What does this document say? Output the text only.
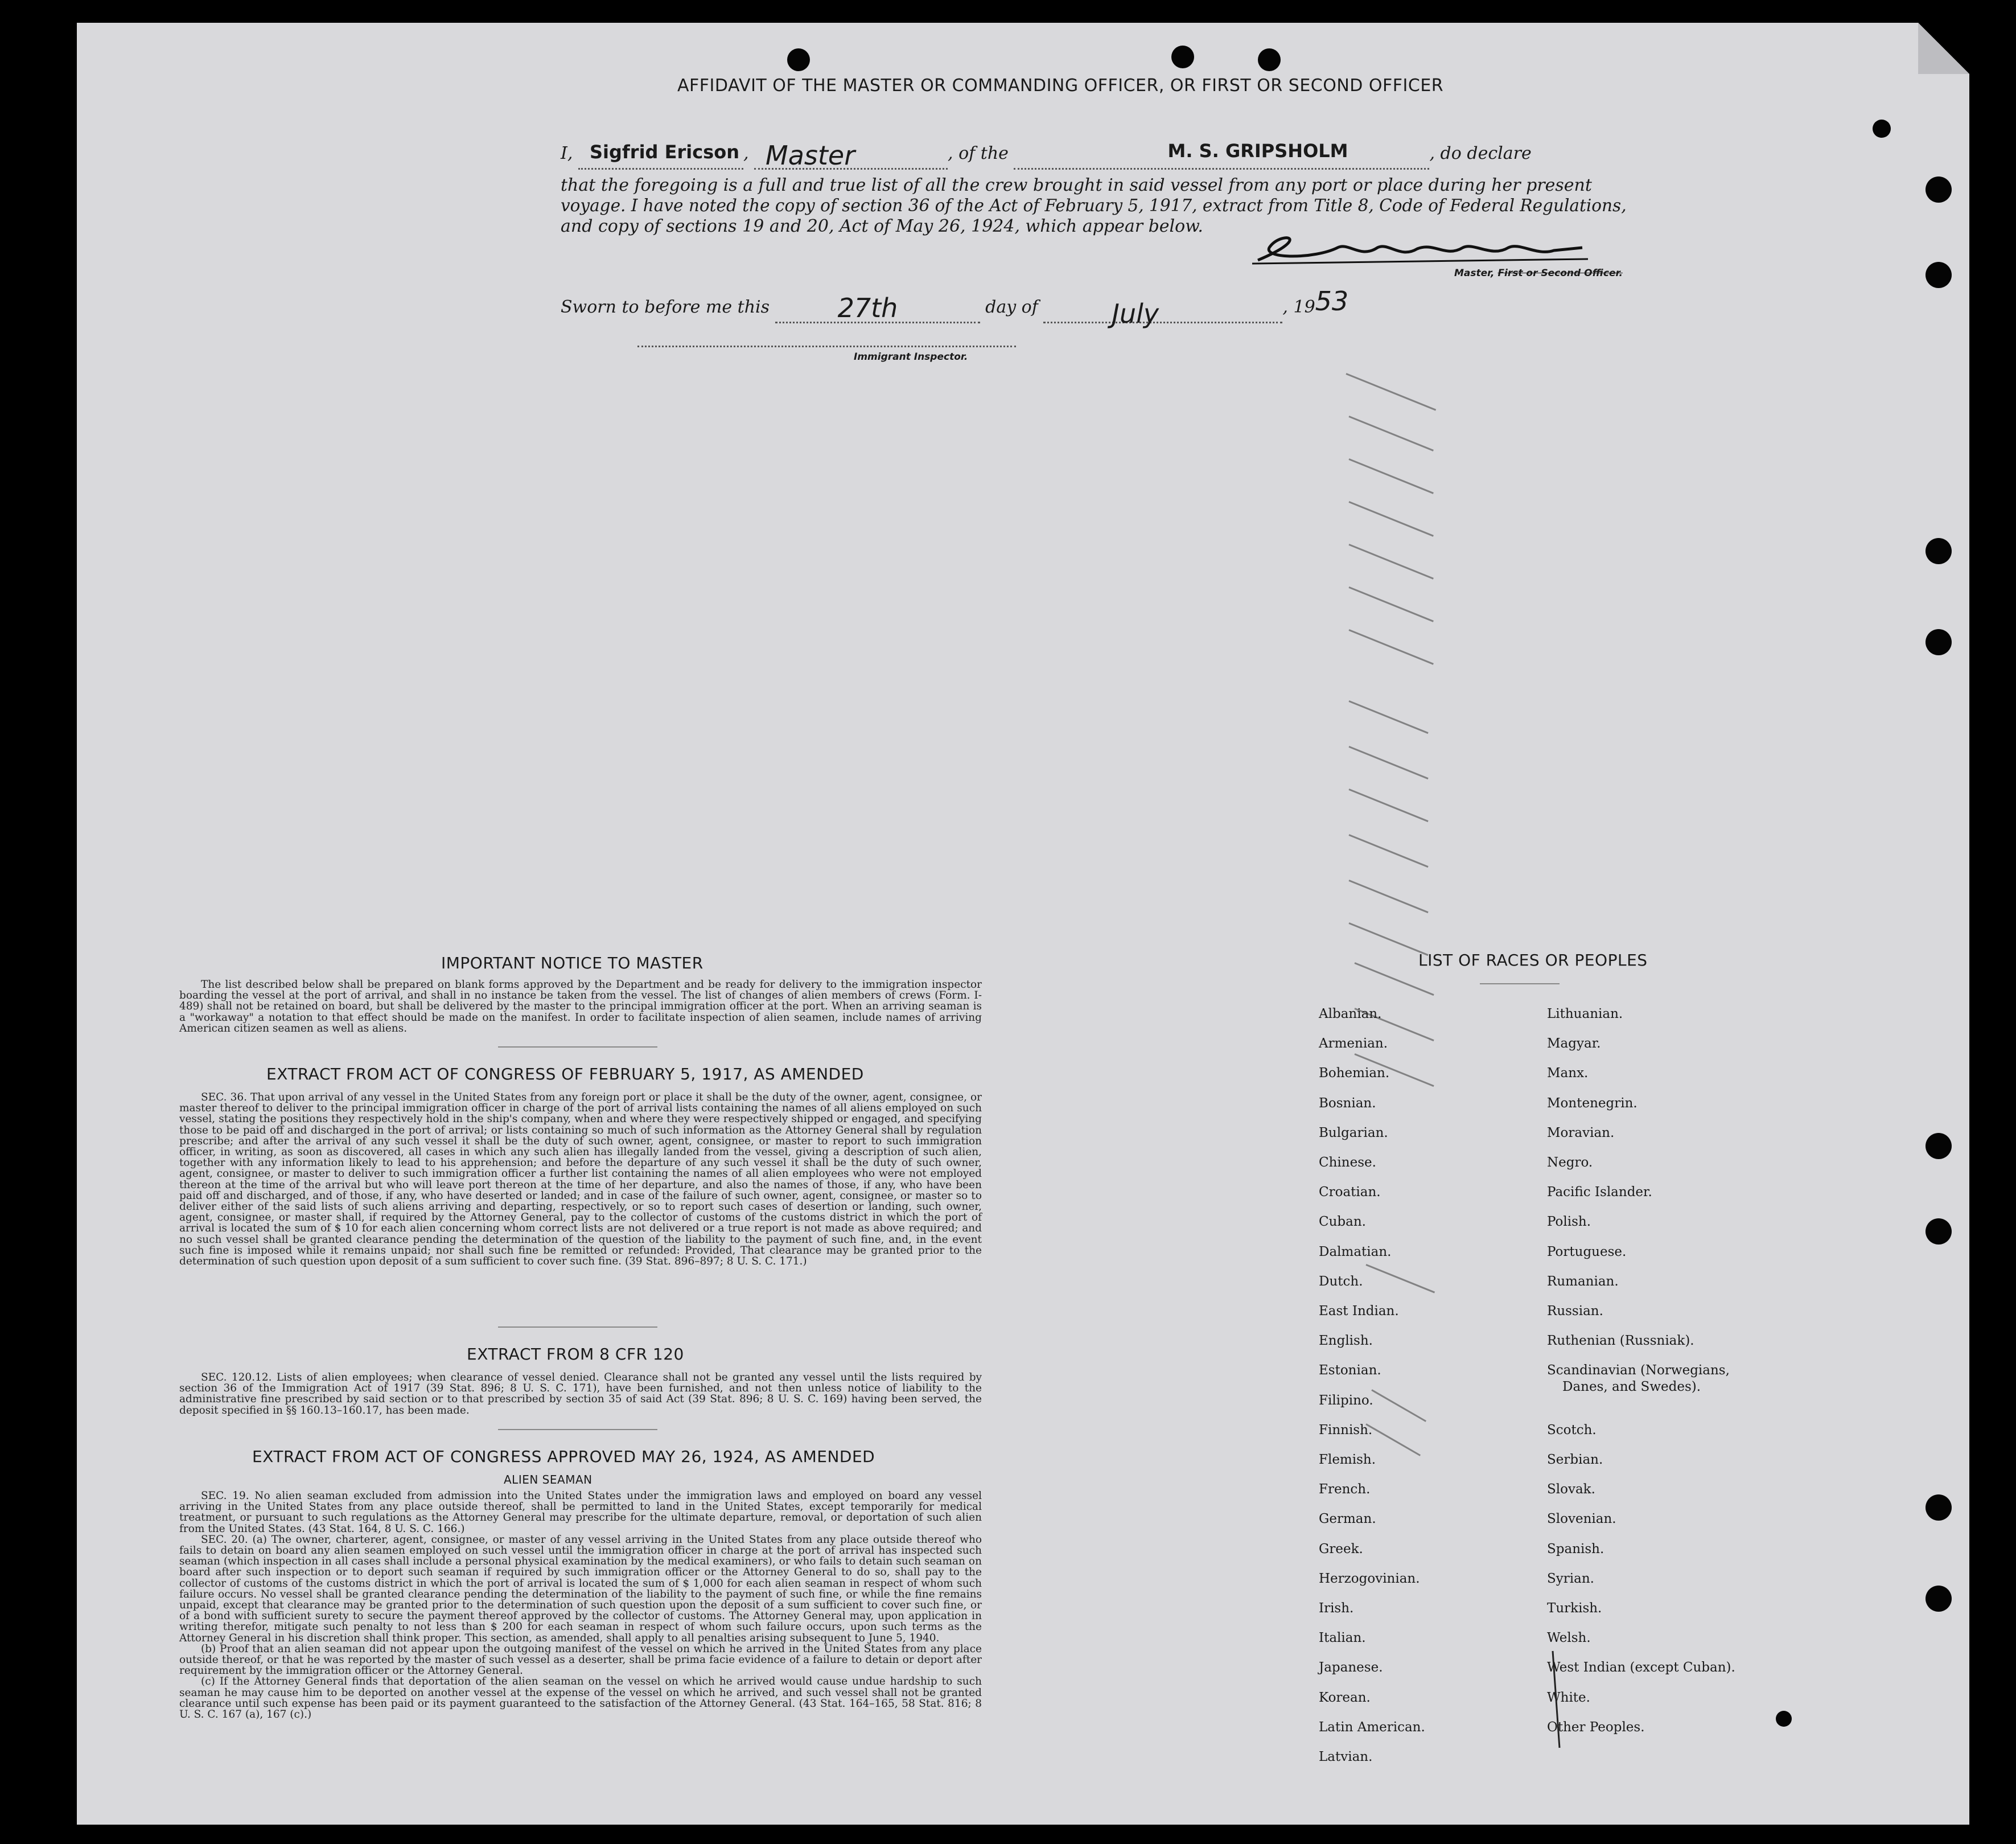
AFFIDAVIT OF THE MASTER OR COMMANDING OFFICER, OR FIRST OR SECOND OFFICER
I, Sigfrid Ericson , Master	, of the	M. S. GRIPSHOLM	, do declare
that the foregoing is a full and true list of all the crew brought in said vessel from any port or place during her present
voyage. I have noted the copy of section 36 of the Act of February 5, 1917, extract from Title 8, Code of Federal Regulations,
and copy of sections 19 and 20, Act of May 26, 1924, which appear below.
Master, First or Second Officer.
Sworn to before me this	27th	day of	July	, 1953
Immigrant Inspector.
IMPORTANT NOTICE TO MASTER

The list described below shall be prepared on blank forms approved by the Department and be ready for delivery to the immigration inspector boarding the vessel at the port of arrival, and shall in no instance be taken from the vessel. The list of changes of alien members of crews (Form. I-489) shall not be retained on board, but shall be delivered by the master to the principal immigration officer at the port. When an arriving seaman is a "workaway" a notation to that effect should be made on the manifest. In order to facilitate inspection of alien seamen, include names of arriving American citizen seamen as well as aliens.

EXTRACT FROM ACT OF CONGRESS OF FEBRUARY 5, 1917, AS AMENDED

SEC. 36. That upon arrival of any vessel in the United States from any foreign port or place it shall be the duty of the owner, agent, consignee, or master thereof to deliver to the principal immigration officer in charge of the port of arrival lists containing the names of all aliens employed on such vessel, stating the positions they respectively hold in the ship's company, when and where they were respectively shipped or engaged, and specifying those to be paid off and discharged in the port of arrival; or lists containing so much of such information as the Attorney General shall by regulation prescribe; and after the arrival of any such vessel it shall be the duty of such owner, agent, consignee, or master to report to such immigration officer, in writing, as soon as discovered, all cases in which any such alien has illegally landed from the vessel, giving a description of such alien, together with any information likely to lead to his apprehension; and before the departure of any such vessel it shall be the duty of such owner, agent, consignee, or master to deliver to such immigration officer a further list containing the names of all alien employees who were not employed thereon at the time of the arrival but who will leave port thereon at the time of her departure, and also the names of those, if any, who have been paid off and discharged, and of those, if any, who have deserted or landed; and in case of the failure of such owner, agent, consignee, or master so to deliver either of the said lists of such aliens arriving and departing, respectively, or so to report such cases of desertion or landing, such owner, agent, consignee, or master shall, if required by the Attorney General, pay to the collector of customs of the customs district in which the port of arrival is located the sum of $ 10 for each alien concerning whom correct lists are not delivered or a true report is not made as above required; and no such vessel shall be granted clearance pending the determination of the question of the liability to the payment of such fine, and, in the event such fine is imposed while it remains unpaid; nor shall such fine be remitted or refunded: Provided, That clearance may be granted prior to the determination of such question upon deposit of a sum sufficient to cover such fine. (39 Stat. 896–897; 8 U. S. C. 171.)

EXTRACT FROM 8 CFR 120

SEC. 120.12. Lists of alien employees; when clearance of vessel denied. Clearance shall not be granted any vessel until the lists required by section 36 of the Immigration Act of 1917 (39 Stat. 896; 8 U. S. C. 171), have been furnished, and not then unless notice of liability to the administrative fine prescribed by said section or to that prescribed by section 35 of said Act (39 Stat. 896; 8 U. S. C. 169) having been served, the deposit specified in §§ 160.13–160.17, has been made.

EXTRACT FROM ACT OF CONGRESS APPROVED MAY 26, 1924, AS AMENDED
ALIEN SEAMAN

SEC. 19. No alien seaman excluded from admission into the United States under the immigration laws and employed on board any vessel arriving in the United States from any place outside thereof, shall be permitted to land in the United States, except temporarily for medical treatment, or pursuant to such regulations as the Attorney General may prescribe for the ultimate departure, removal, or deportation of such alien from the United States. (43 Stat. 164, 8 U. S. C. 166.)

SEC. 20. (a) The owner, charterer, agent, consignee, or master of any vessel arriving in the United States from any place outside thereof who fails to detain on board any alien seamen employed on such vessel until the immigration officer in charge at the port of arrival has inspected such seaman (which inspection in all cases shall include a personal physical examination by the medical examiners), or who fails to detain such seaman on board after such inspection or to deport such seaman if required by such immigration officer or the Attorney General to do so, shall pay to the collector of customs of the customs district in which the port of arrival is located the sum of $ 1,000 for each alien seaman in respect of whom such failure occurs. No vessel shall be granted clearance pending the determination of the liability to the payment of such fine, or while the fine remains unpaid, except that clearance may be granted prior to the determination of such question upon the deposit of a sum sufficient to cover such fine, or of a bond with sufficient surety to secure the payment thereof approved by the collector of customs. The Attorney General may, upon application in writing therefor, mitigate such penalty to not less than $ 200 for each seaman in respect of whom such failure occurs, upon such terms as the Attorney General in his discretion shall think proper. This section, as amended, shall apply to all penalties arising subsequent to June 5, 1940.

(b) Proof that an alien seaman did not appear upon the outgoing manifest of the vessel on which he arrived in the United States from any place outside thereof, or that he was reported by the master of such vessel as a deserter, shall be prima facie evidence of a failure to detain or deport after requirement by the immigration officer or the Attorney General.

(c) If the Attorney General finds that deportation of the alien seaman on the vessel on which he arrived would cause undue hardship to such seaman he may cause him to be deported on another vessel at the expense of the vessel on which he arrived, and such vessel shall not be granted clearance until such expense has been paid or its payment guaranteed to the satisfaction of the Attorney General. (43 Stat. 164–165, 58 Stat. 816; 8 U. S. C. 167 (a), 167 (c).)

LIST OF RACES OR PEOPLES
Albanian.
Armenian.
Bohemian.
Bosnian.
Bulgarian.
Chinese.
Croatian.
Cuban.
Dalmatian.
Dutch.
East Indian.
English.
Estonian.
Filipino.
Finnish.
Flemish.
French.
German.
Greek.
Herzogovinian.
Irish.
Italian.
Japanese.
Korean.
Latin American.
Latvian.
Lithuanian.
Magyar.
Manx.
Montenegrin.
Moravian.
Negro.
Pacific Islander.
Polish.
Portuguese.
Rumanian.
Russian.
Ruthenian (Russniak).
Scandinavian (Norwegians,
Danes, and Swedes).
Scotch.
Serbian.
Slovak.
Slovenian.
Spanish.
Syrian.
Turkish.
Welsh.
West Indian (except Cuban).
White.
Other Peoples.
